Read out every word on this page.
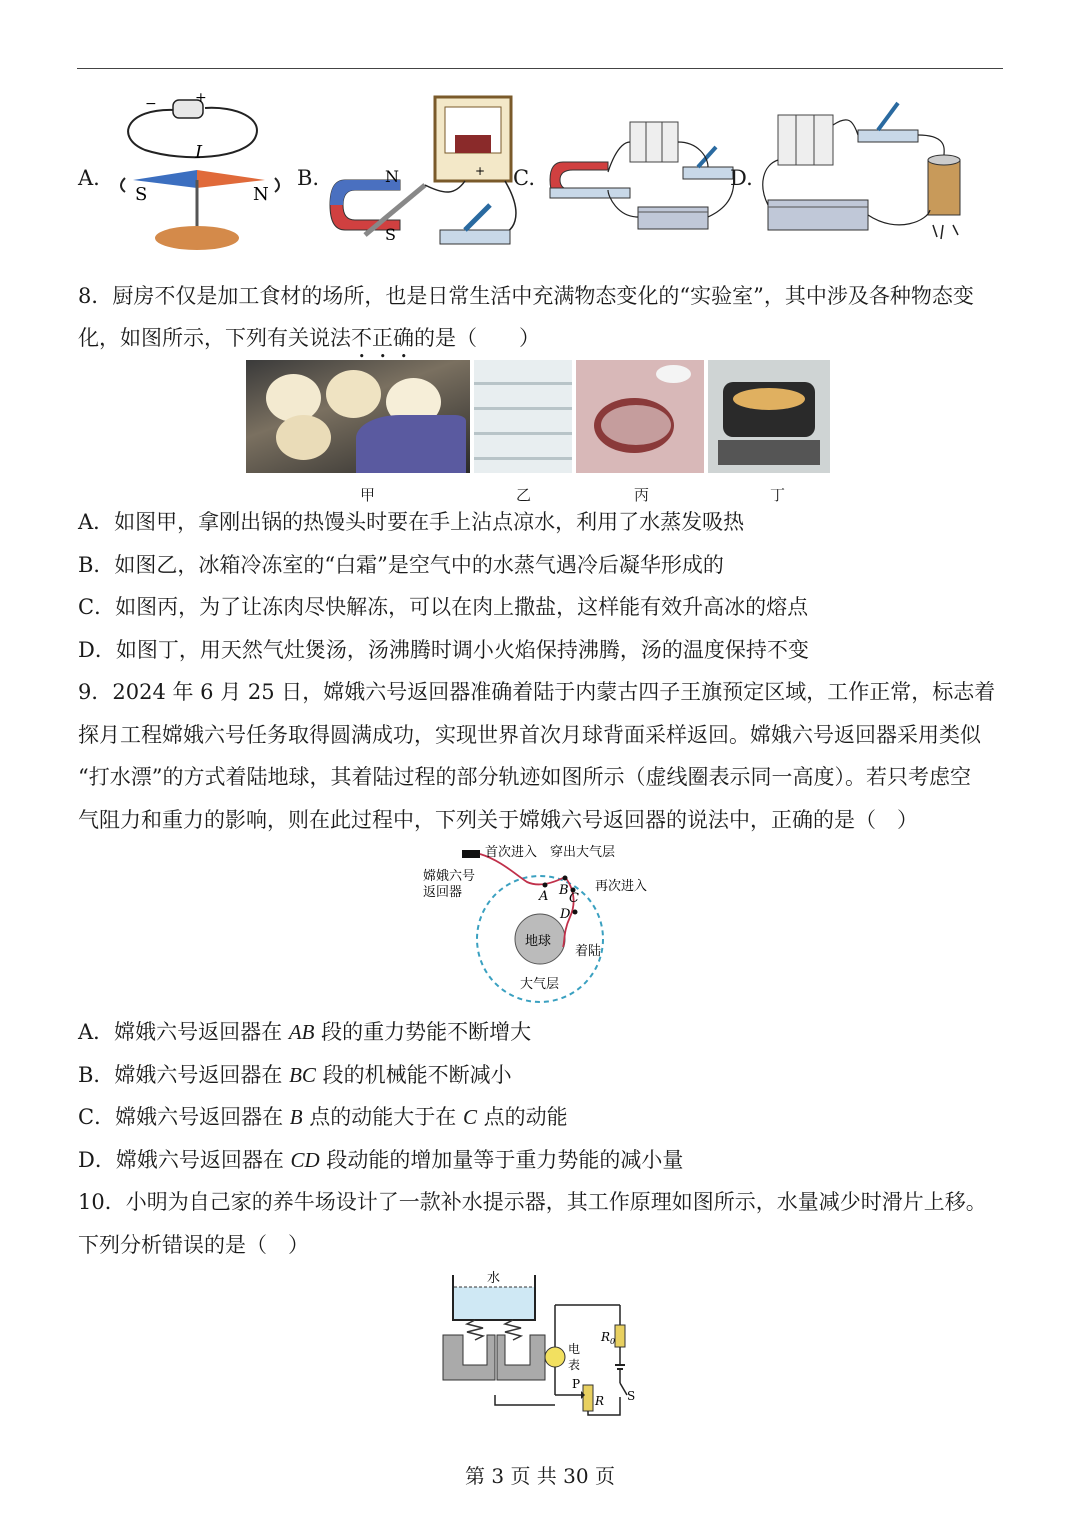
A.
−	+
I
S	N
B.	+
N
S
C.	D.
8．厨房不仅是加工食材的场所，也是日常生活中充满物态变化的“实验室”，其中涉及各种物态变
化，如图所示，下列有关说法不正确的是（　　）
甲	乙	丙	丁
A．如图甲，拿刚出锅的热馒头时要在手上沾点凉水，利用了水蒸发吸热
B．如图乙，冰箱冷冻室的“白霜”是空气中的水蒸气遇冷后凝华形成的
C．如图丙，为了让冻肉尽快解冻，可以在肉上撒盐，这样能有效升高冰的熔点
D．如图丁，用天然气灶煲汤，汤沸腾时调小火焰保持沸腾，汤的温度保持不变
9．2024 年 6 月 25 日，嫦娥六号返回器准确着陆于内蒙古四子王旗预定区域，工作正常，标志着
探月工程嫦娥六号任务取得圆满成功，实现世界首次月球背面采样返回。嫦娥六号返回器采用类似
“打水漂”的方式着陆地球，其着陆过程的部分轨迹如图所示（虚线圈表示同一高度）。若只考虑空
气阻力和重力的影响，则在此过程中，下列关于嫦娥六号返回器的说法中，正确的是（　）
嫦娥六号
返回器
首次进入 穿出大气层
再次进入
地球
着陆
大气层
A B
C
D
A．嫦娥六号返回器在 AB 段的重力势能不断增大
B．嫦娥六号返回器在 BC 段的机械能不断减小
C．嫦娥六号返回器在 B 点的动能大于在 C 点的动能
D．嫦娥六号返回器在 CD 段动能的增加量等于重力势能的减小量
10．小明为自己家的养牛场设计了一款补水提示器，其工作原理如图所示，水量减少时滑片上移。
下列分析错误的是（　）
水
电
表
$R_0$
S
R
P
第 3 页 共 30 页
